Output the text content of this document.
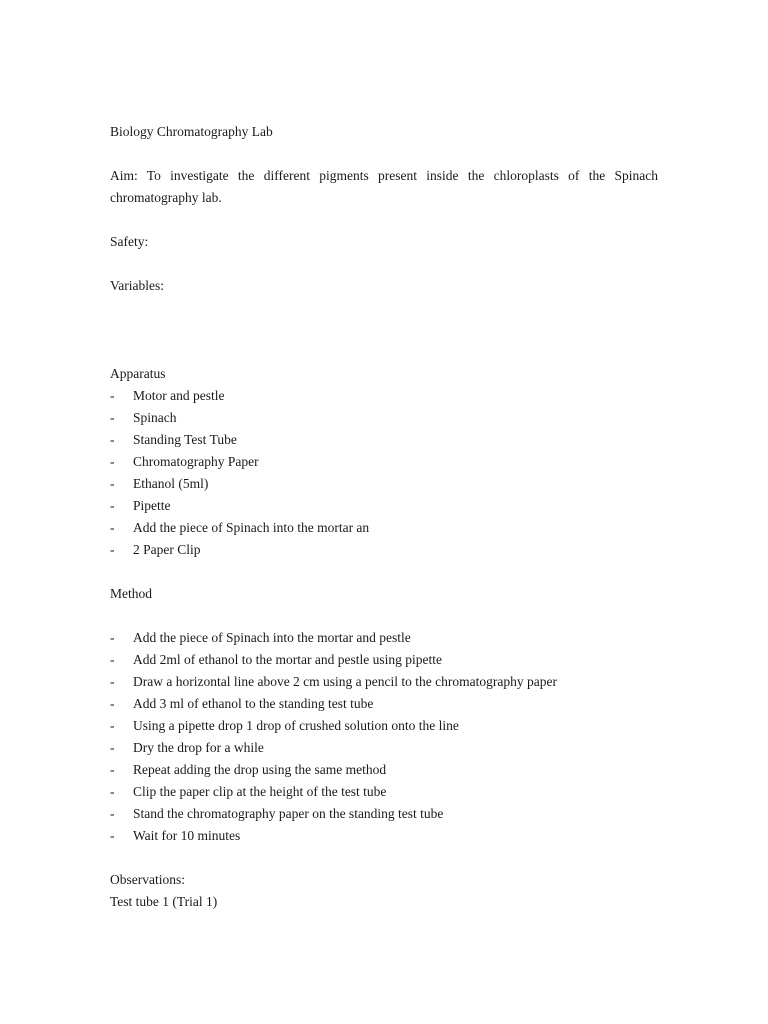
Biology Chromatography Lab

Aim: To investigate the different pigments present inside the chloroplasts of the Spinach chromatography lab.

Safety:

Variables:

Apparatus

- Motor and pestle
- Spinach
- Standing Test Tube
- Chromatography Paper
- Ethanol (5ml)
- Pipette
- Add the piece of Spinach into the mortar an
- 2 Paper Clip

Method

- Add the piece of Spinach into the mortar and pestle
- Add 2ml of ethanol to the mortar and pestle using pipette
- Draw a horizontal line above 2 cm using a pencil to the chromatography paper
- Add 3 ml of ethanol to the standing test tube
- Using a pipette drop 1 drop of crushed solution onto the line
- Dry the drop for a while
- Repeat adding the drop using the same method
- Clip the paper clip at the height of the test tube
- Stand the chromatography paper on the standing test tube
- Wait for 10 minutes

Observations:

Test tube 1 (Trial 1)
